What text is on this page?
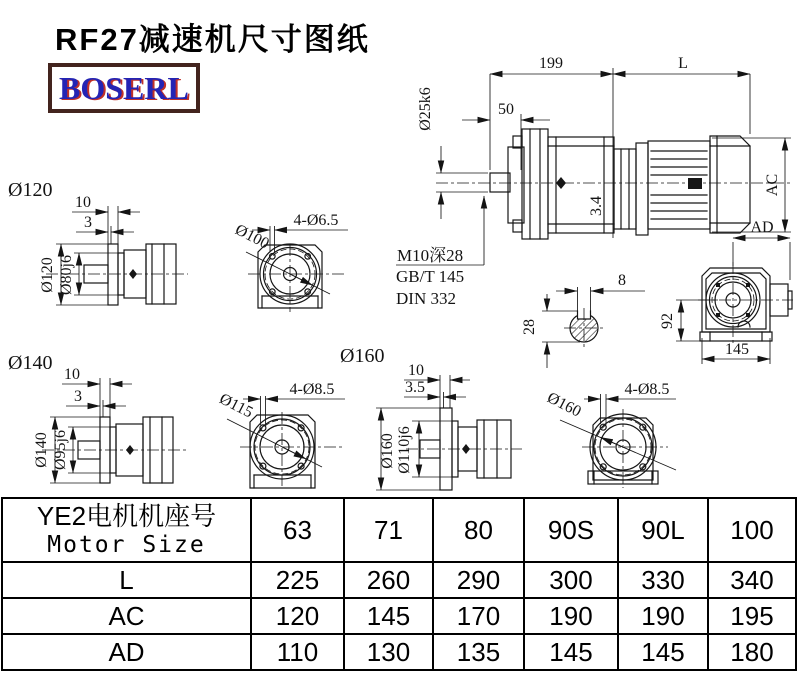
RF27减速机尺寸图纸
BOSERL
3.4
199	L
50
Ø25k6
AC
AD
M10深28
GB/T 145
DIN 332
8
28	92
145
Ø120
10
3
Ø120 Ø80j6
Ø100
4-Ø6.5
Ø140
10
3
Ø140 Ø95j6
Ø115
4-Ø8.5
Ø160
10
3.5
Ø160 Ø110j6
Ø160	4-Ø8.5
YE2电机机座号
Motor Size	63	71	80	90S	90L	100
L	225	260	290	300	330	340
AC	120	145	170	190	190	195
AD	110	130	135	145	145	180
